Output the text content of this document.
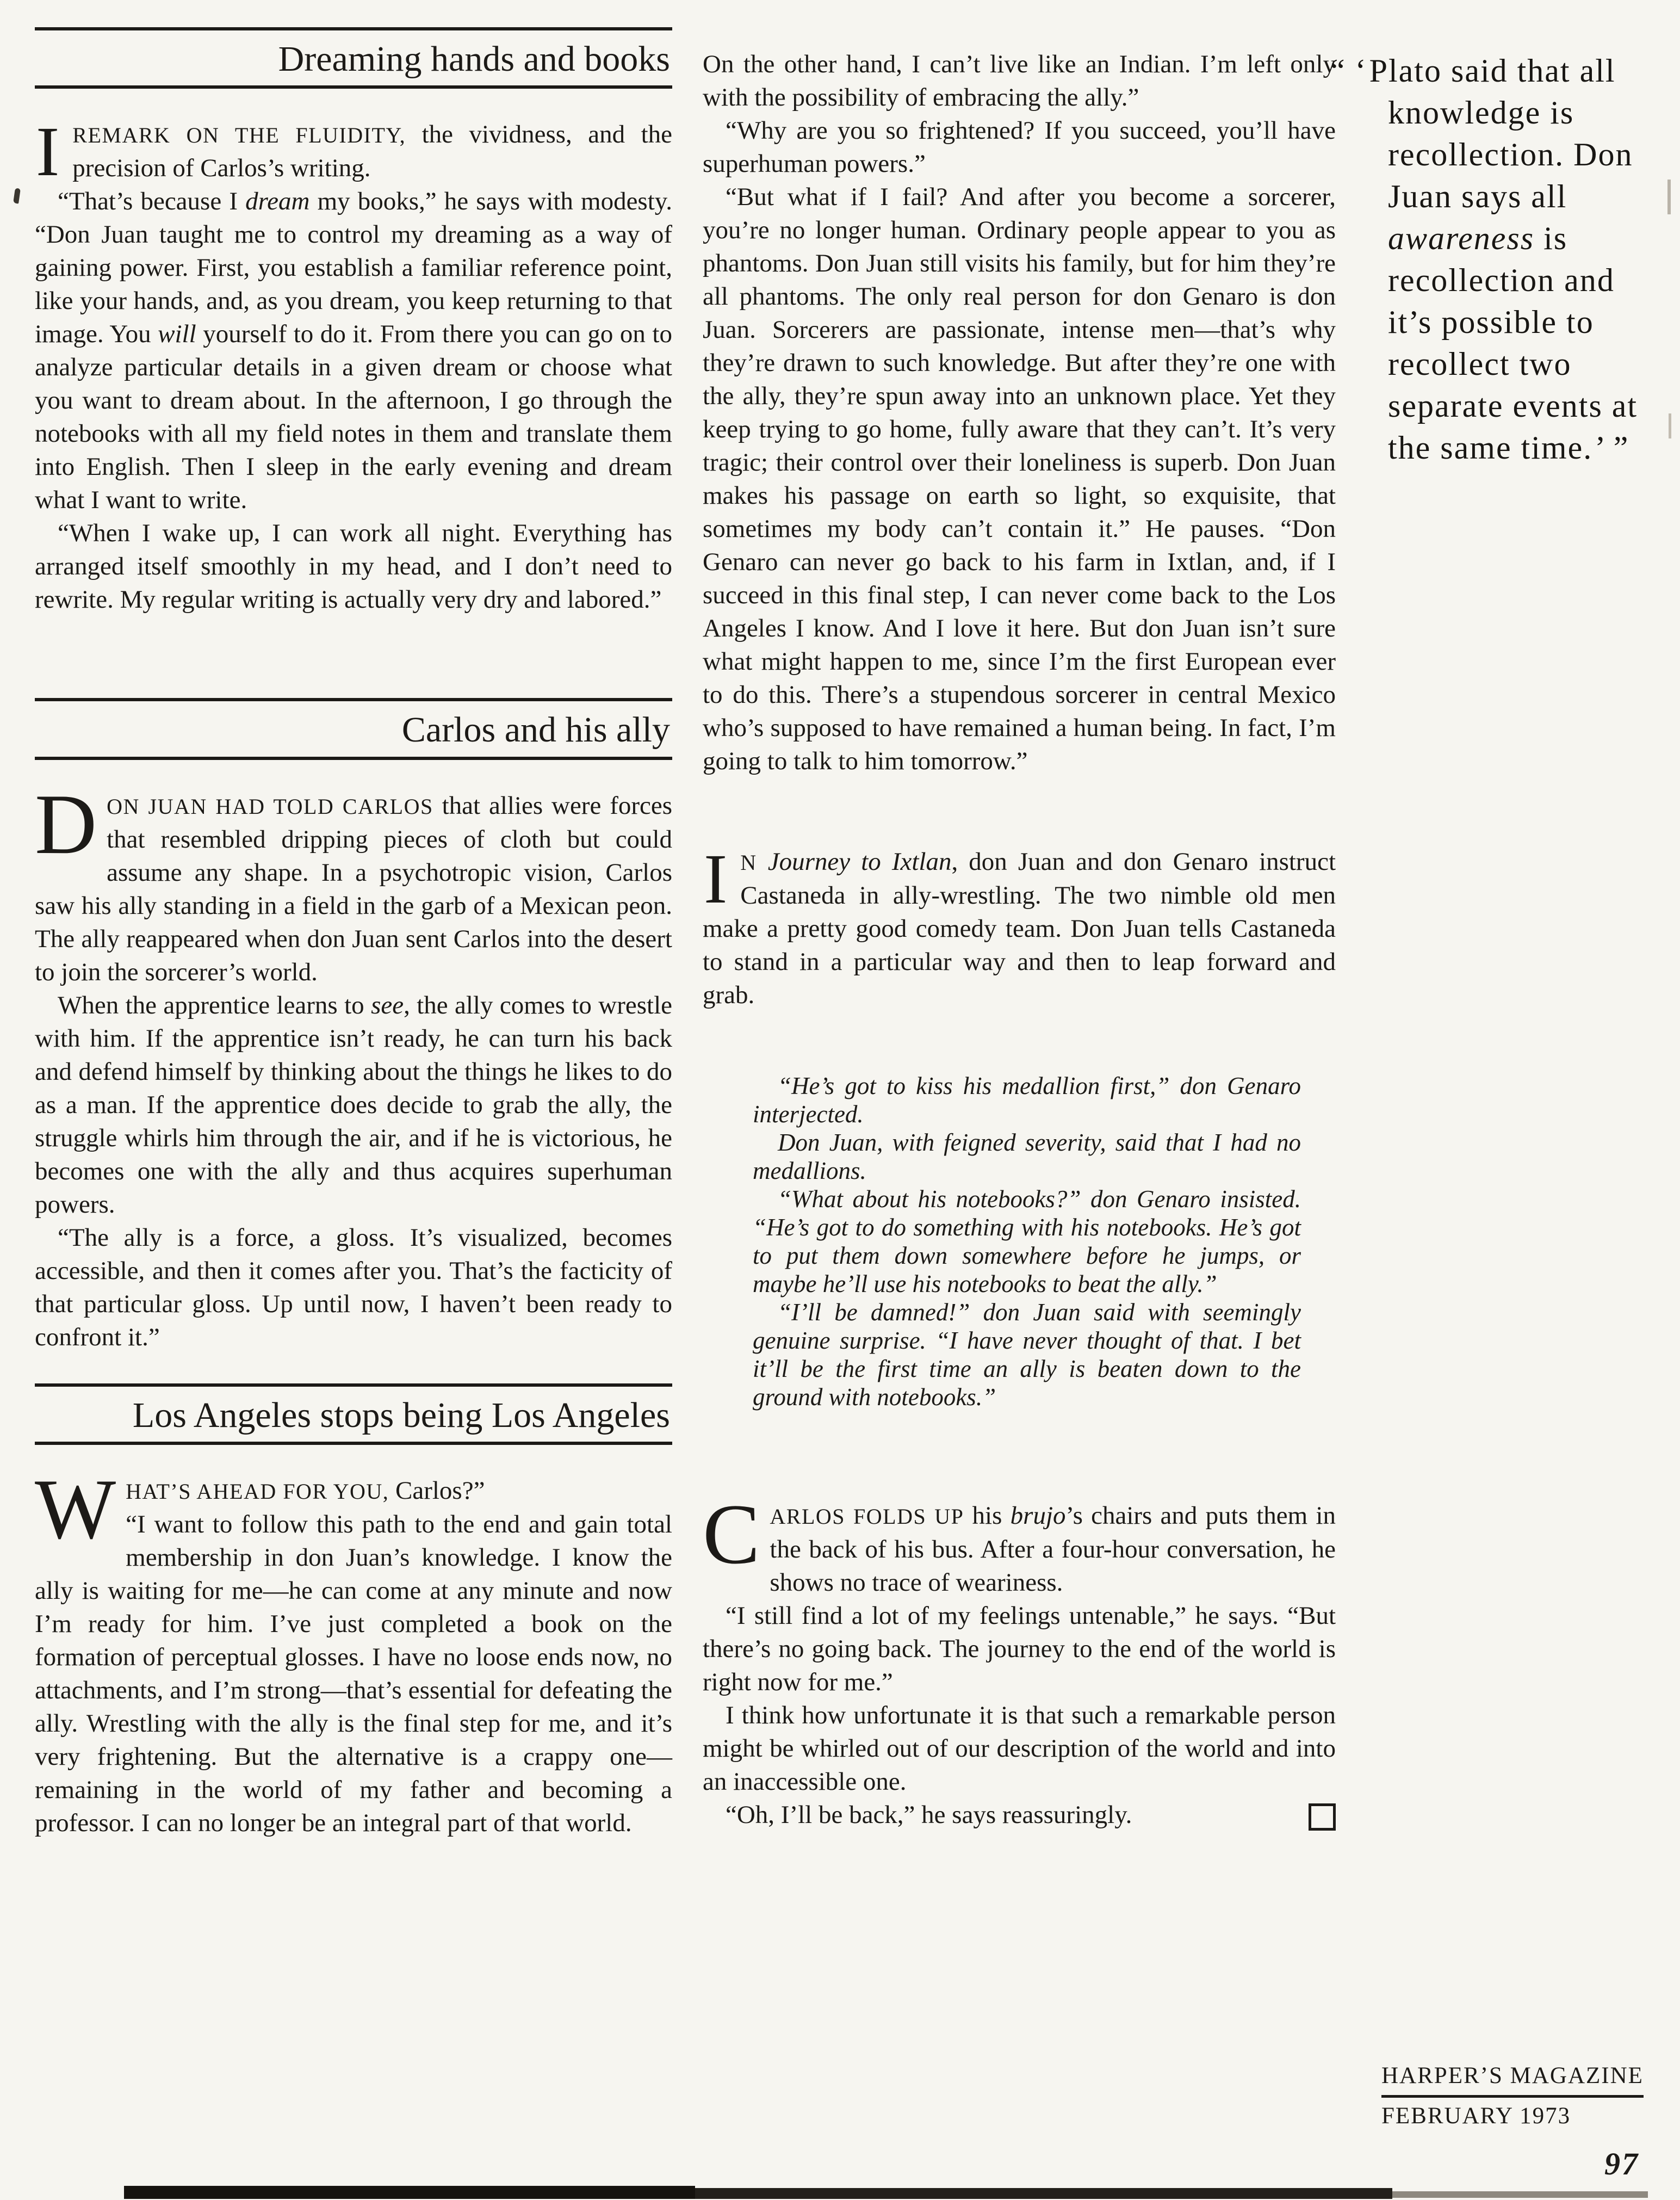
Dreaming hands and books

IREMARK ON THE FLUIDITY, the vividness, and the precision of Carlos’s writing.

“That’s because I dream my books,” he says with modesty. “Don Juan taught me to control my dreaming as a way of gaining power. First, you establish a familiar reference point, like your hands, and, as you dream, you keep returning to that image. You will yourself to do it. From there you can go on to analyze particular details in a given dream or choose what you want to dream about. In the afternoon, I go through the notebooks with all my field notes in them and translate them into English. Then I sleep in the early evening and dream what I want to write.

“When I wake up, I can work all night. Everything has arranged itself smoothly in my head, and I don’t need to rewrite. My regular writing is actually very dry and labored.”

Carlos and his ally

DON JUAN HAD TOLD CARLOS that allies were forces that resembled dripping pieces of cloth but could assume any shape. In a psychotropic vision, Carlos saw his ally standing in a field in the garb of a Mexican peon. The ally reappeared when don Juan sent Carlos into the desert to join the sorcerer’s world.

When the apprentice learns to see, the ally comes to wrestle with him. If the apprentice isn’t ready, he can turn his back and defend himself by thinking about the things he likes to do as a man. If the apprentice does decide to grab the ally, the struggle whirls him through the air, and if he is victorious, he becomes one with the ally and thus acquires superhuman powers.

“The ally is a force, a gloss. It’s visualized, becomes accessible, and then it comes after you. That’s the facticity of that particular gloss. Up until now, I haven’t been ready to confront it.”

Los Angeles stops being Los Angeles

WHAT’S AHEAD FOR YOU, Carlos?”
“I want to follow this path to the end and gain total membership in don Juan’s knowledge. I know the ally is waiting for me—he can come at any minute and now I’m ready for him. I’ve just completed a book on the formation of perceptual glosses. I have no loose ends now, no attachments, and I’m strong—that’s essential for defeating the ally. Wrestling with the ally is the final step for me, and it’s very frightening. But the alternative is a crappy one—remaining in the world of my father and becoming a professor. I can no longer be an integral part of that world.

On the other hand, I can’t live like an Indian. I’m left only with the possibility of embracing the ally.”

“Why are you so frightened? If you succeed, you’ll have superhuman powers.”

“But what if I fail? And after you become a sorcerer, you’re no longer human. Ordinary people appear to you as phantoms. Don Juan still visits his family, but for him they’re all phantoms. The only real person for don Genaro is don Juan. Sorcerers are passionate, intense men—that’s why they’re drawn to such knowledge. But after they’re one with the ally, they’re spun away into an unknown place. Yet they keep trying to go home, fully aware that they can’t. It’s very tragic; their control over their loneliness is superb. Don Juan makes his passage on earth so light, so exquisite, that sometimes my body can’t contain it.” He pauses. “Don Genaro can never go back to his farm in Ixtlan, and, if I succeed in this final step, I can never come back to the Los Angeles I know. And I love it here. But don Juan isn’t sure what might happen to me, since I’m the first European ever to do this. There’s a stupendous sorcerer in central Mexico who’s supposed to have remained a human being. In fact, I’m going to talk to him tomorrow.”

I N Journey to Ixtlan, don Juan and don Genaro instruct Castaneda in ally-wrestling. The two nimble old men make a pretty good comedy team. Don Juan tells Castaneda to stand in a particular way and then to leap forward and grab.

“He’s got to kiss his medallion first,” don Genaro interjected.

Don Juan, with feigned severity, said that I had no medallions.

“What about his notebooks?” don Genaro insisted. “He’s got to do something with his notebooks. He’s got to put them down somewhere before he jumps, or maybe he’ll use his notebooks to beat the ally.”

“I’ll be damned!” don Juan said with seemingly genuine surprise. “I have never thought of that. I bet it’ll be the first time an ally is beaten down to the ground with notebooks.”

CARLOS FOLDS UP his brujo’s chairs and puts them in the back of his bus. After a four-hour conversation, he shows no trace of weariness.

“I still find a lot of my feelings untenable,” he says. “But there’s no going back. The journey to the end of the world is right now for me.”

I think how unfortunate it is that such a remarkable person might be whirled out of our description of the world and into an inaccessible one.

“Oh, I’ll be back,” he says reassuringly.

“ ‘Plato said that all
knowledge is
recollection. Don
Juan says all
awareness is
recollection and
it’s possible to
recollect two
separate events at
the same time.’ ”
HARPER’S MAGAZINE
FEBRUARY 1973
97
